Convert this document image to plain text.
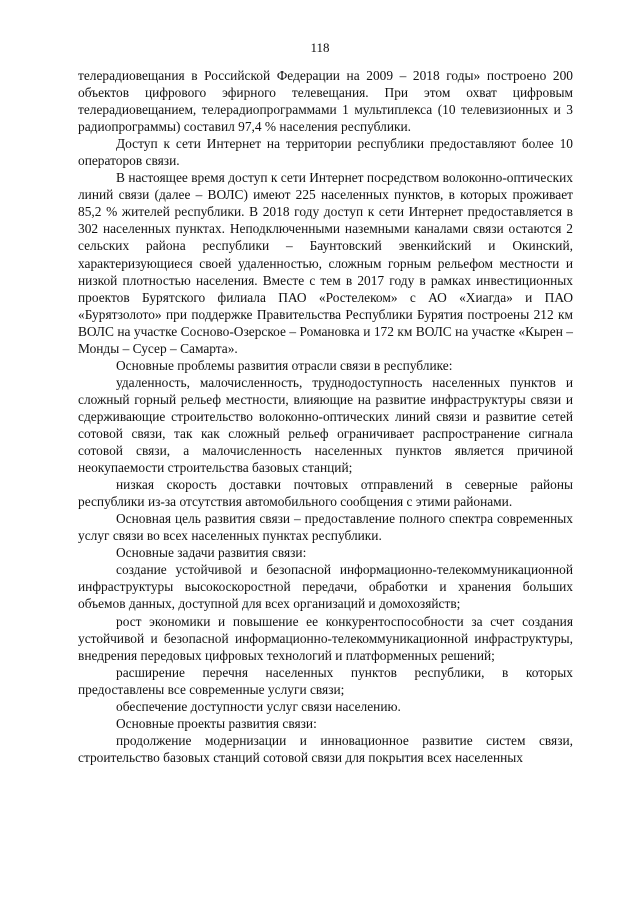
118

телерадиовещания в Российской Федерации на 2009 – 2018 годы» построено 200 объектов цифрового эфирного телевещания. При этом охват цифровым телерадиовещанием, телерадиопрограммами 1 мультиплекса (10 телевизионных и 3 радиопрограммы) составил 97,4 % населения республики.

Доступ к сети Интернет на территории республики предоставляют более 10 операторов связи.

В настоящее время доступ к сети Интернет посредством волоконно-оптических линий связи (далее – ВОЛС) имеют 225 населенных пунктов, в которых проживает 85,2 % жителей республики. В 2018 году доступ к сети Интернет предоставляется в 302 населенных пунктах. Неподключенными наземными каналами связи остаются 2 сельских района республики – Баунтовский эвенкийский и Окинский, характеризующиеся своей удаленностью, сложным горным рельефом местности и низкой плотностью населения. Вместе с тем в 2017 году в рамках инвестиционных проектов Бурятского филиала ПАО «Ростелеком» с АО «Хиагда» и ПАО «Бурятзолото» при поддержке Правительства Республики Бурятия построены 212 км ВОЛС на участке Сосново-Озерское – Романовка и 172 км ВОЛС на участке «Кырен – Монды – Сусер – Самарта».

Основные проблемы развития отрасли связи в республике:

удаленность, малочисленность, труднодоступность населенных пунктов и сложный горный рельеф местности, влияющие на развитие инфраструктуры связи и сдерживающие строительство волоконно-оптических линий связи и развитие сетей сотовой связи, так как сложный рельеф ограничивает распространение сигнала сотовой связи, а малочисленность населенных пунктов является причиной неокупаемости строительства базовых станций;

низкая скорость доставки почтовых отправлений в северные районы республики из-за отсутствия автомобильного сообщения с этими районами.

Основная цель развития связи – предоставление полного спектра современных услуг связи во всех населенных пунктах республики.

Основные задачи развития связи:

создание устойчивой и безопасной информационно-телекоммуникационной инфраструктуры высокоскоростной передачи, обработки и хранения больших объемов данных, доступной для всех организаций и домохозяйств;

рост экономики и повышение ее конкурентоспособности за счет создания устойчивой и безопасной информационно-телекоммуникационной инфраструктуры, внедрения передовых цифровых технологий и платформенных решений;

расширение перечня населенных пунктов республики, в которых предоставлены все современные услуги связи;

обеспечение доступности услуг связи населению.

Основные проекты развития связи:

продолжение модернизации и инновационное развитие систем связи, строительство базовых станций сотовой связи для покрытия всех населенных
